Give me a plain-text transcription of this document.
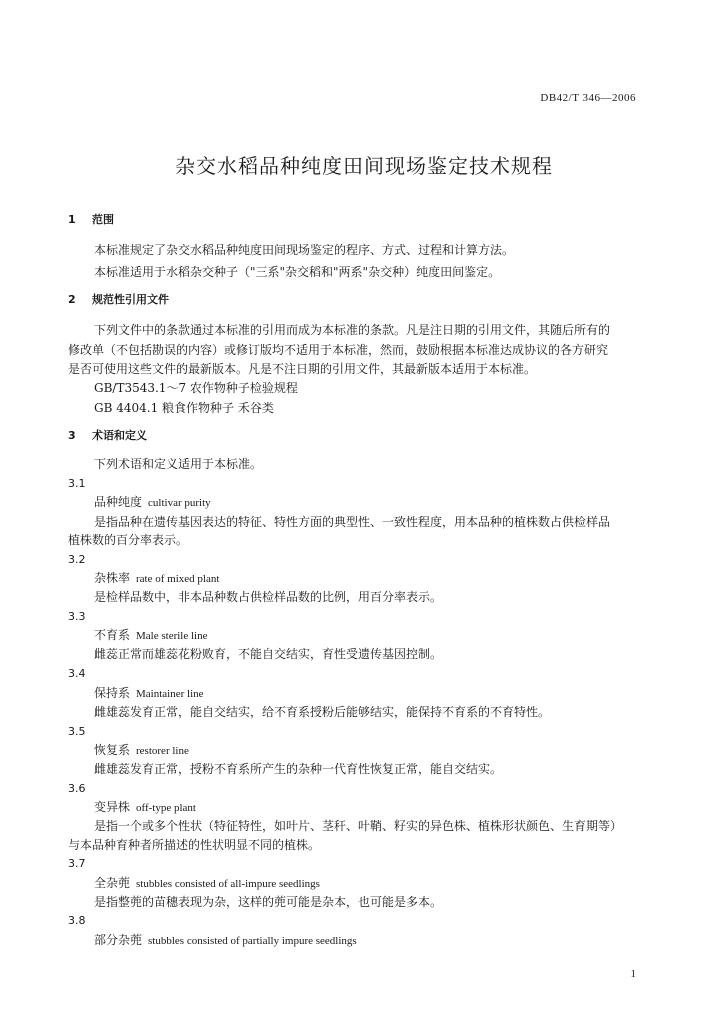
DB42/T 346—2006
杂交水稻品种纯度田间现场鉴定技术规程
1 范围
本标准规定了杂交水稻品种纯度田间现场鉴定的程序、方式、过程和计算方法。
本标准适用于水稻杂交种子（"三系"杂交稻和"两系"杂交种）纯度田间鉴定。
2 规范性引用文件
下列文件中的条款通过本标准的引用而成为本标准的条款。凡是注日期的引用文件，其随后所有的
修改单（不包括勘误的内容）或修订版均不适用于本标准，然而，鼓励根据本标准达成协议的各方研究
是否可使用这些文件的最新版本。凡是不注日期的引用文件，其最新版本适用于本标准。
GB/T3543.1～7 农作物种子检验规程
GB 4404.1 粮食作物种子 禾谷类
3 术语和定义
下列术语和定义适用于本标准。
3.1
品种纯度 cultivar purity
是指品种在遗传基因表达的特征、特性方面的典型性、一致性程度，用本品种的植株数占供检样品
植株数的百分率表示。
3.2
杂株率 rate of mixed plant
是检样品数中，非本品种数占供检样品数的比例，用百分率表示。
3.3
不育系 Male sterile line
雌蕊正常而雄蕊花粉败育，不能自交结实，育性受遗传基因控制。
3.4
保持系 Maintainer line
雌雄蕊发育正常，能自交结实，给不育系授粉后能够结实，能保持不育系的不育特性。
3.5
恢复系 restorer line
雌雄蕊发育正常，授粉不育系所产生的杂种一代育性恢复正常，能自交结实。
3.6
变异株 off-type plant
是指一个或多个性状（特征特性，如叶片、茎秆、叶鞘、籽实的异色株、植株形状颜色、生育期等）
与本品种育种者所描述的性状明显不同的植株。
3.7
全杂蔸 stubbles consisted of all-impure seedlings
是指整蔸的苗穗表现为杂，这样的蔸可能是杂本，也可能是多本。
3.8
部分杂蔸 stubbles consisted of partially impure seedlings
1
